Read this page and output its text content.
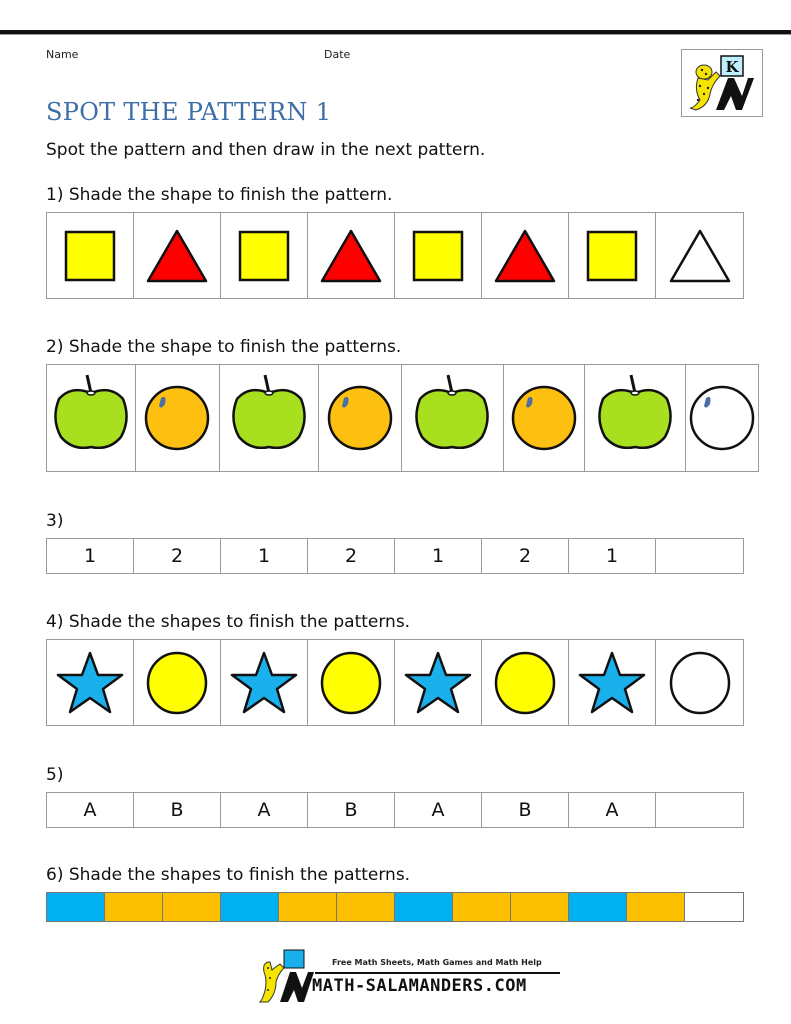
Name	Date
K
SPOT THE PATTERN 1
Spot the pattern and then draw in the next pattern.
1) Shade the shape to finish the pattern.
2) Shade the shape to finish the patterns.
3)
1	2	1	2	1	2	1
4) Shade the shapes to finish the patterns.
5)
A	B	A	B	A	B	A
6) Shade the shapes to finish the patterns.
Free Math Sheets, Math Games and Math Help
MATH-SALAMANDERS.COM
